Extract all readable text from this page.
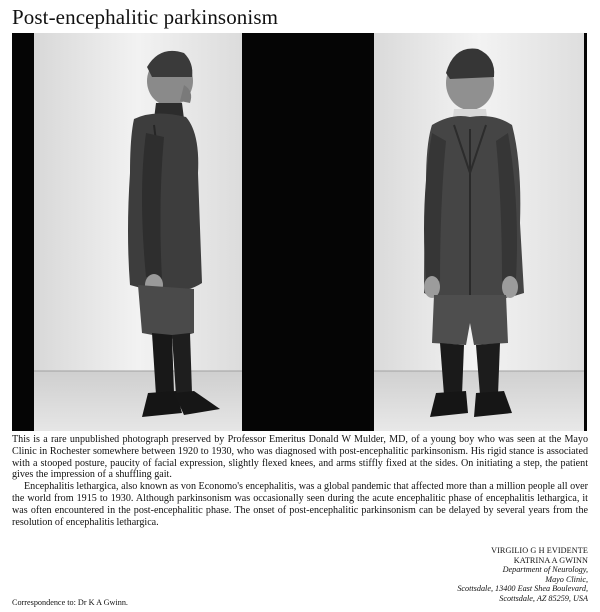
Post-encephalitic parkinsonism

This is a rare unpublished photograph preserved by Professor Emeritus Donald W Mulder, MD, of a young boy who was seen at the Mayo Clinic in Rochester somewhere between 1920 to 1930, who was diagnosed with post-encephalitic parkinsonism. His rigid stance is associated with a stooped posture, paucity of facial expression, slightly flexed knees, and arms stiffly fixed at the sides. On initiating a step, the patient gives the impression of a shuffling gait.

Encephalitis lethargica, also known as von Economo's encephalitis, was a global pandemic that affected more than a million people all over the world from 1915 to 1930. Although parkinsonism was occasionally seen during the acute encephalitic phase of encephalitis lethargica, it was often encountered in the post-encephalitic phase. The onset of post-encephalitic parkinsonism can be delayed by several years from the resolution of encephalitis lethargica.

VIRGILIO G H EVIDENTE
KATRINA A GWINN
Department of Neurology,
Mayo Clinic,
Scottsdale, 13400 East Shea Boulevard,
Scottsdale, AZ 85259, USA
Correspondence to: Dr K A Gwinn.
